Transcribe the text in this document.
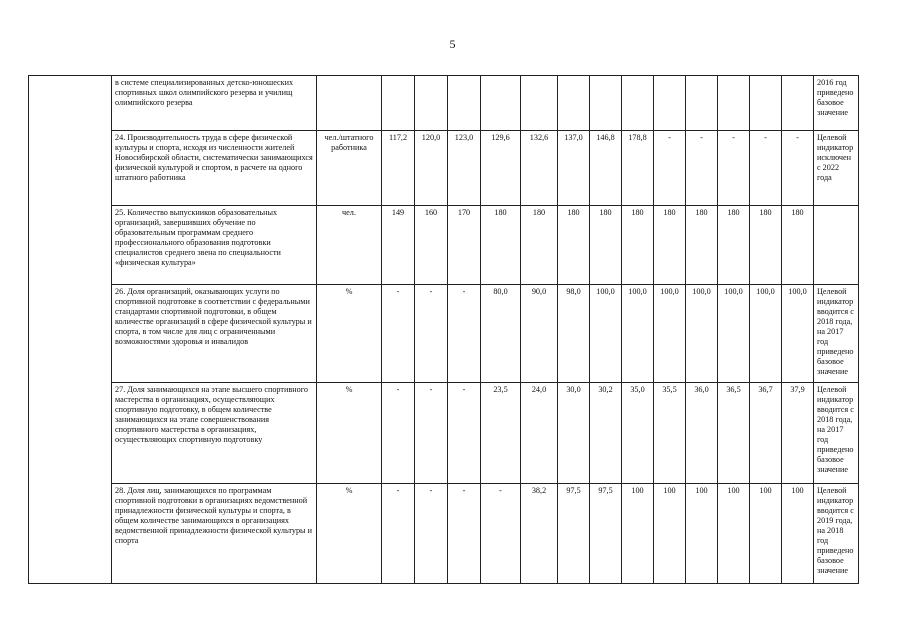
5
	в системе специализированных детско-юношеских спортивных школ олимпийского резерва и училищ олимпийского резерва															2016 год приведено базовое значение
	24. Производительность труда в сфере физической культуры и спорта, исходя из численности жителей Новосибирской области, систематически занимающихся физической культурой и спортом, в расчете на одного штатного работника	чел./штатного работника	117,2	120,0	123,0	129,6	132,6	137,0	146,8	178,8	-	-	-	-	-	Целевой индикатор исключен с 2022 года
	25. Количество выпускников образовательных организаций, завершивших обучение по образовательным программам среднего профессионального образования подготовки специалистов среднего звена по специальности «физическая культура»	чел.	149	160	170	180	180	180	180	180	180	180	180	180	180	
	26. Доля организаций, оказывающих услуги по спортивной подготовке в соответствии с федеральными стандартами спортивной подготовки, в общем количестве организаций в сфере физической культуры и спорта, в том числе для лиц с ограниченными возможностями здоровья и инвалидов	%	-	-	-	80,0	90,0	98,0	100,0	100,0	100,0	100,0	100,0	100,0	100,0	Целевой индикатор вводится с 2018 года, на 2017 год приведено базовое значение
	27. Доля занимающихся на этапе высшего спортивного мастерства в организациях, осуществляющих спортивную подготовку, в общем количестве занимающихся на этапе совершенствования спортивного мастерства в организациях, осуществляющих спортивную подготовку	%	-	-	-	23,5	24,0	30,0	30,2	35,0	35,5	36,0	36,5	36,7	37,9	Целевой индикатор вводится с 2018 года, на 2017 год приведено базовое значение
	28. Доля лиц, занимающихся по программам спортивной подготовки в организациях ведомственной принадлежности физической культуры и спорта, в общем количестве занимающихся в организациях ведомственной принадлежности физической культуры и спорта	%	-	-	-	-	38,2	97,5	97,5	100	100	100	100	100	100	Целевой индикатор вводится с 2019 года, на 2018 год приведено базовое значение
